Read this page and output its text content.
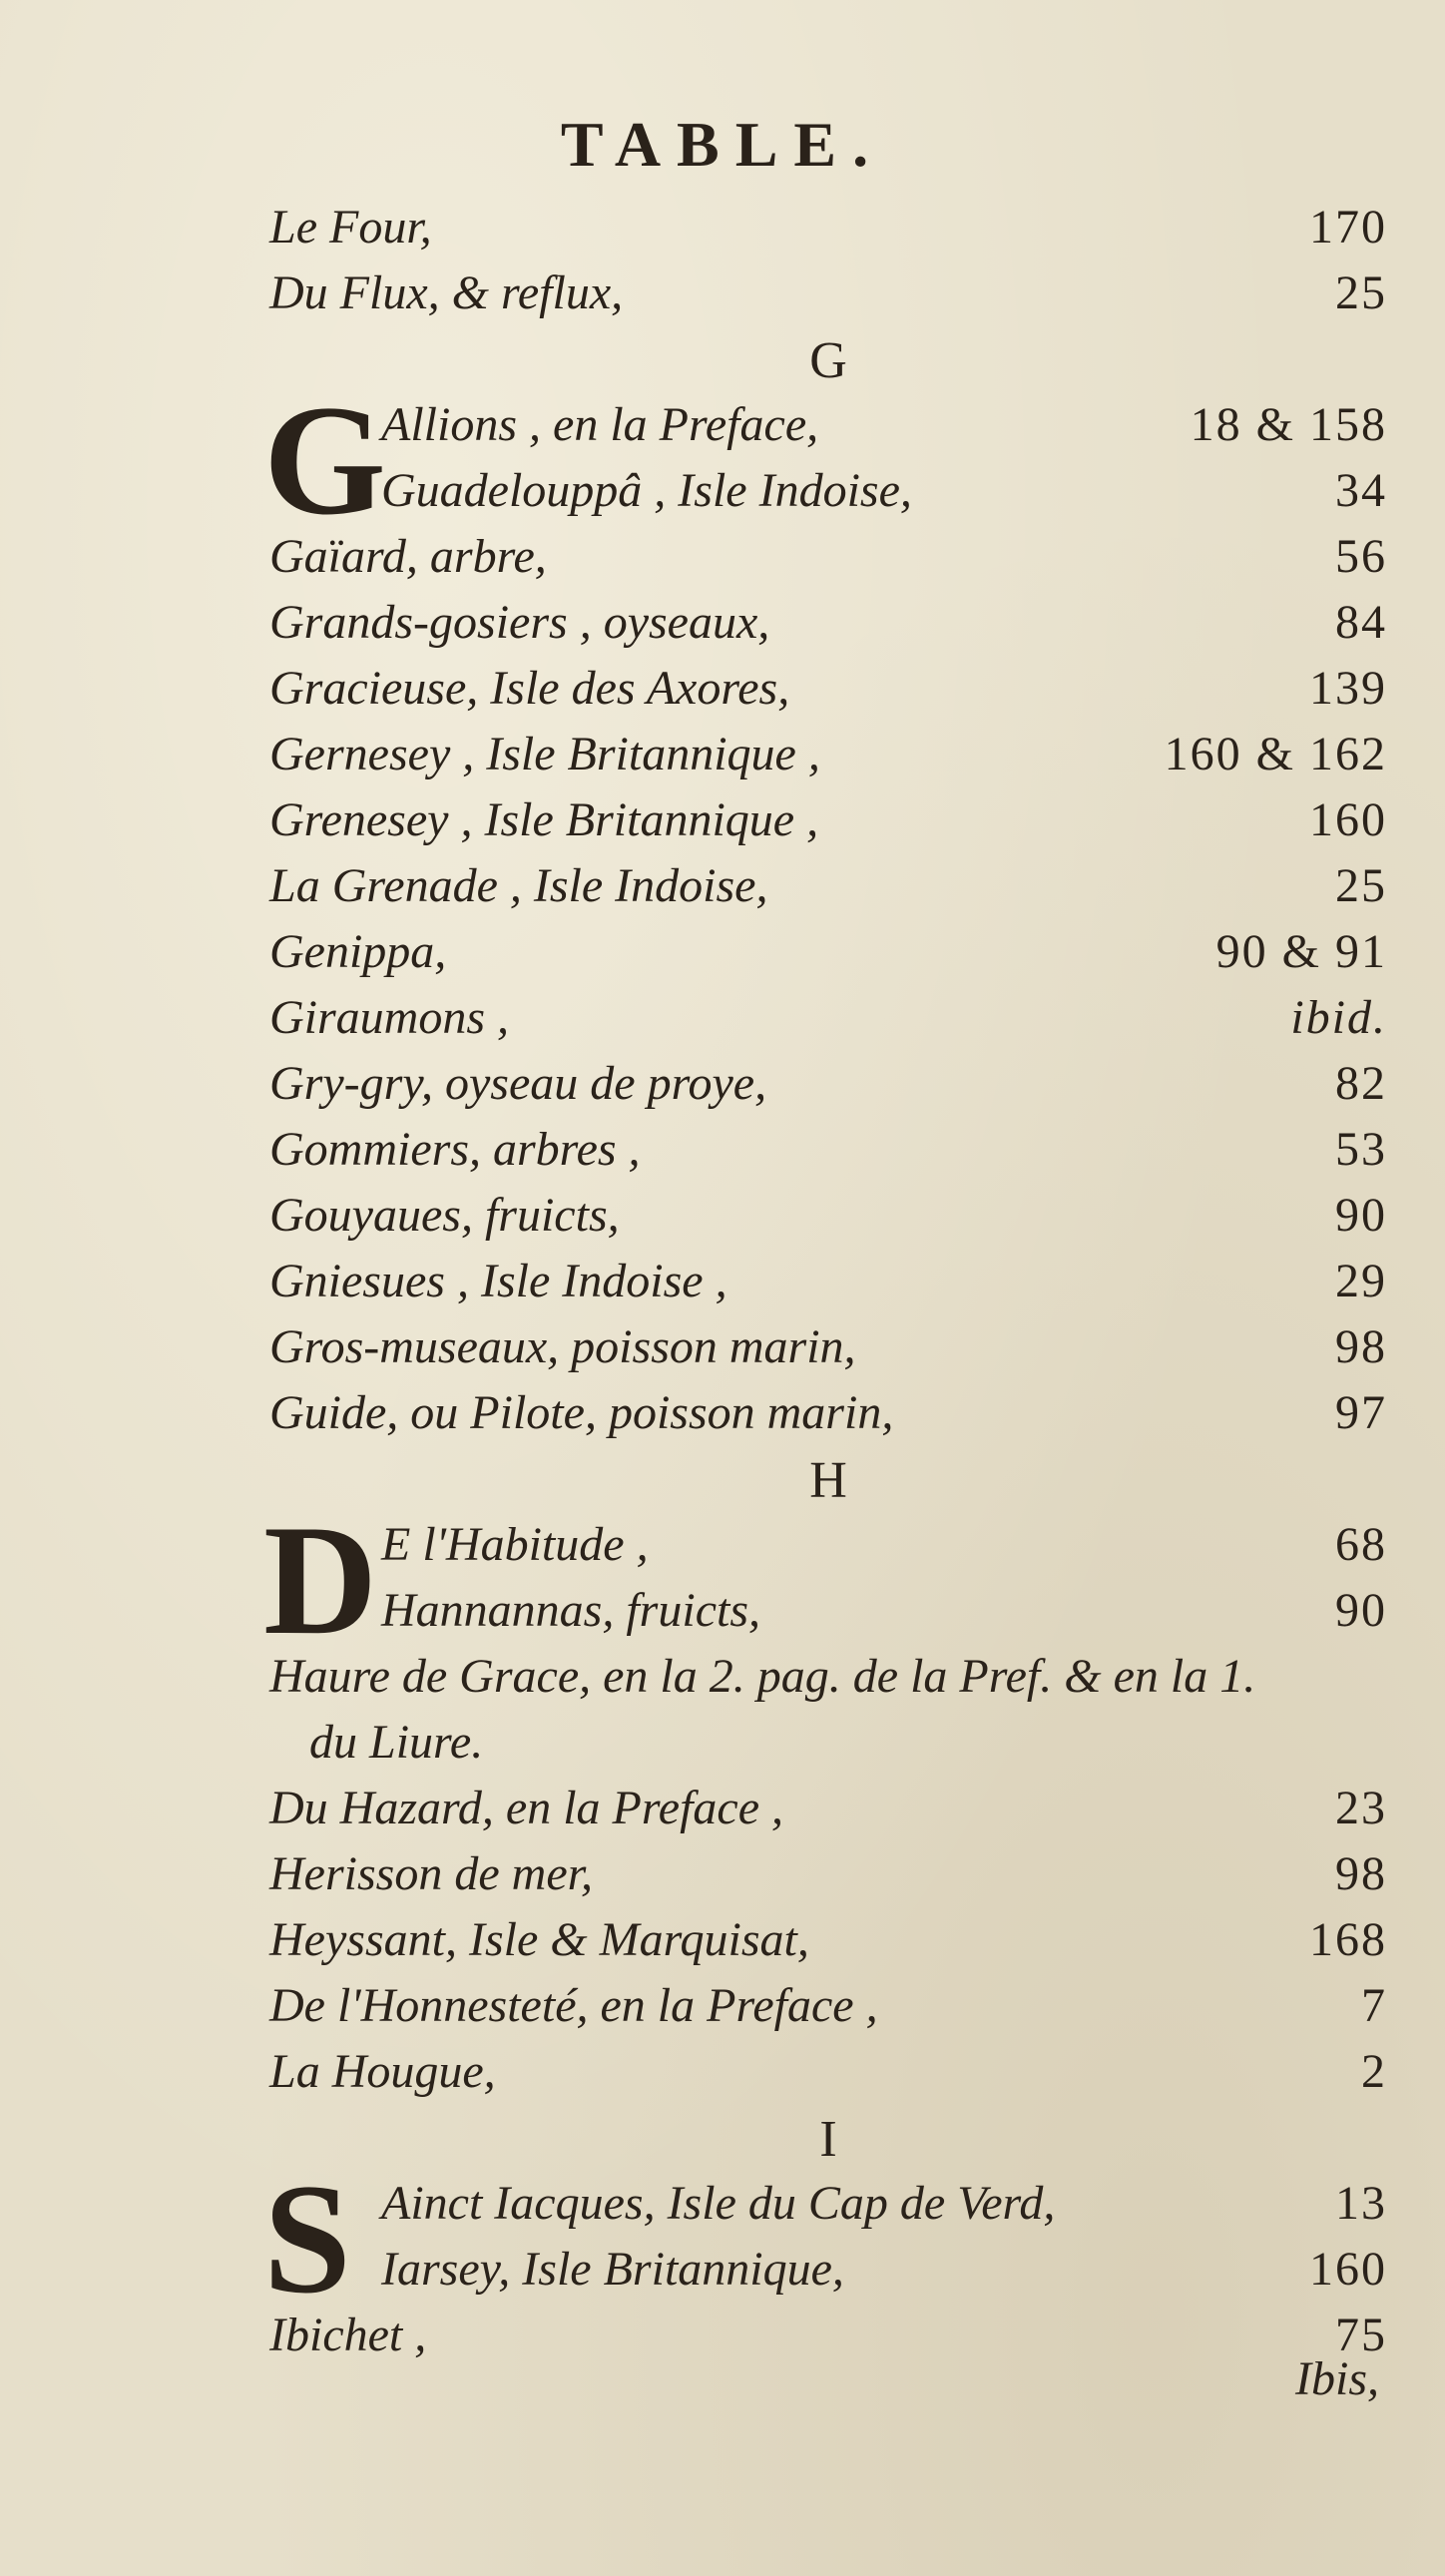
TABLE.
Le Four,	170
Du Flux, & reflux,	25
G
G
Allions , en la Preface,	18 & 158
Guadelouppâ , Isle Indoise,	34
Gaïard, arbre,	56
Grands-gosiers , oyseaux,	84
Gracieuse, Isle des Axores,	139
Gernesey , Isle Britannique ,	160 & 162
Grenesey , Isle Britannique ,	160
La Grenade , Isle Indoise,	25
Genippa,	90 & 91
Giraumons ,	ibid.
Gry-gry, oyseau de proye,	82
Gommiers, arbres ,	53
Gouyaues, fruicts,	90
Gniesues , Isle Indoise ,	29
Gros-museaux, poisson marin,	98
Guide, ou Pilote, poisson marin,	97
H
D E l'Habitude ,	68
Hannannas, fruicts,	90
Haure de Grace, en la 2. pag. de la Pref. & en la 1.
du Liure.
Du Hazard, en la Preface ,	23
Herisson de mer,	98
Heyssant, Isle & Marquisat,	168
De l'Honnesteté, en la Preface ,	7
La Hougue,	2
I
S Ainct Iacques, Isle du Cap de Verd,	13
Iarsey, Isle Britannique,	160
Ibichet ,	75
Ibis,
